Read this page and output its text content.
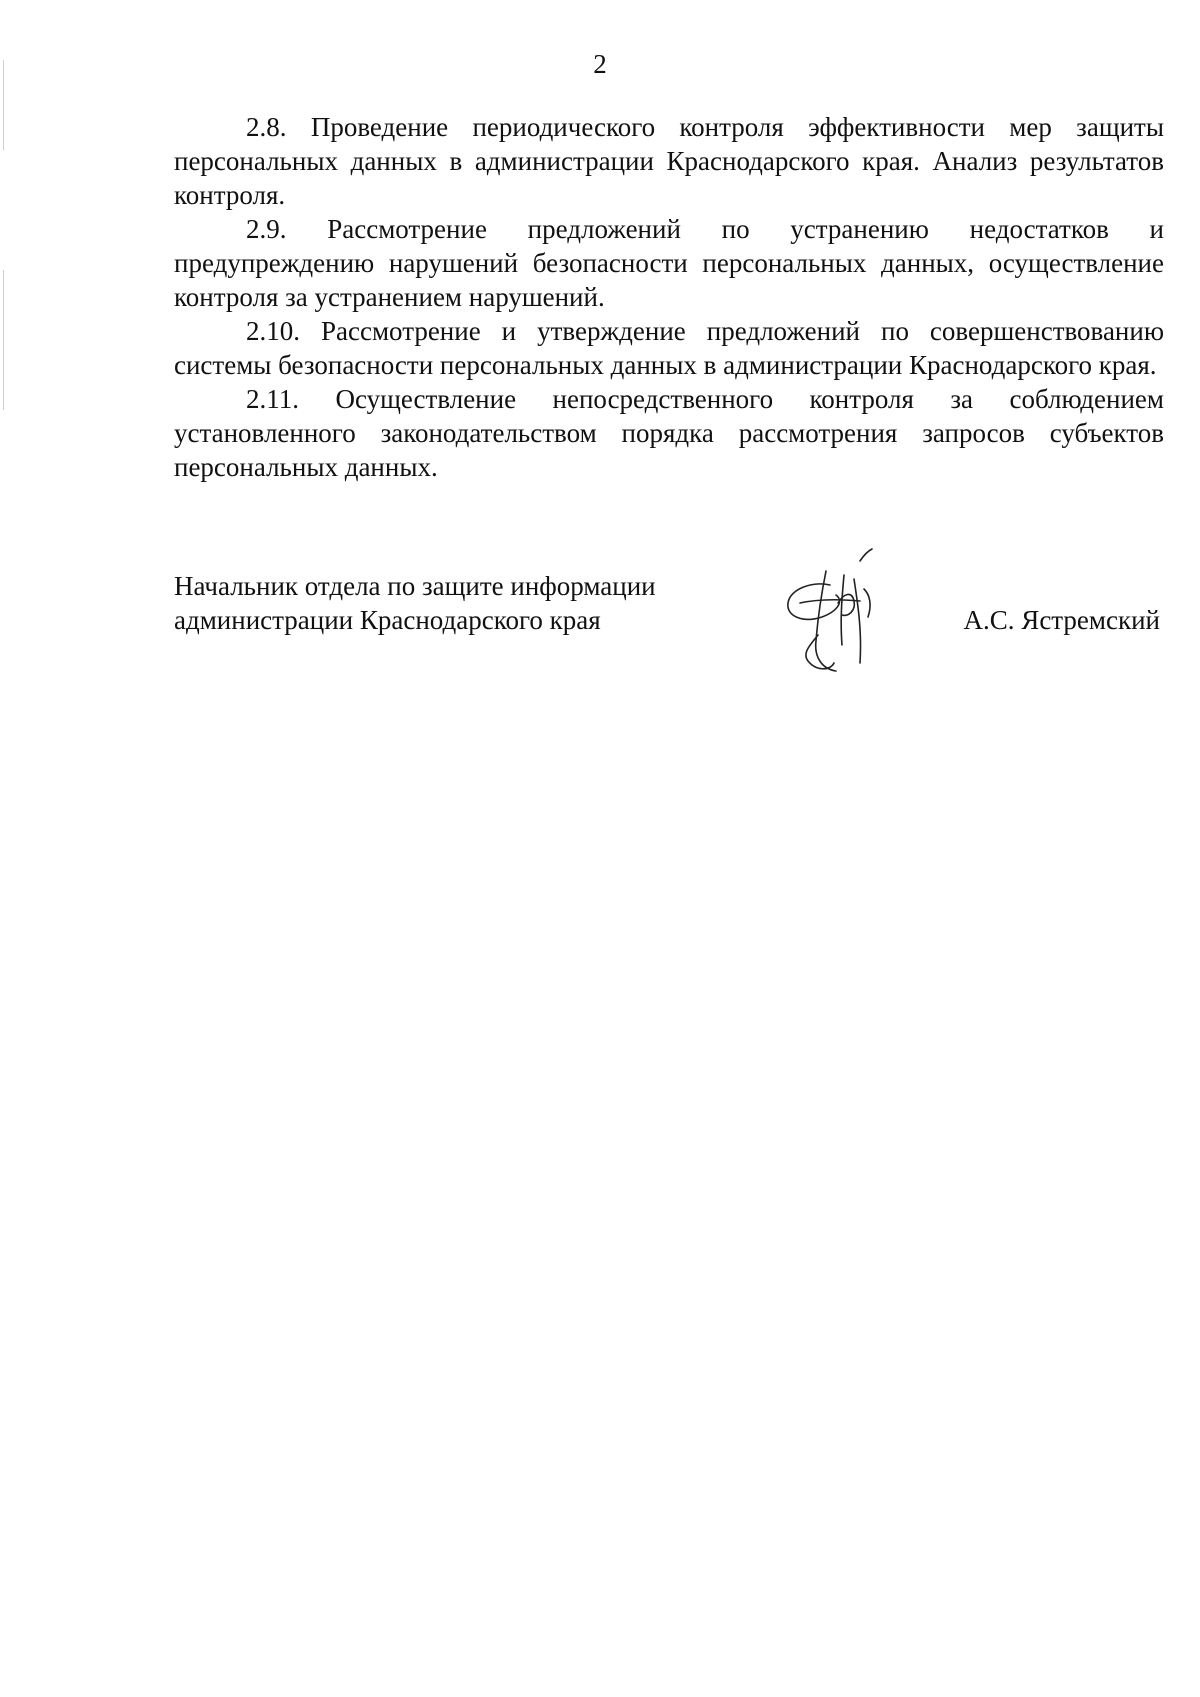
2

2.8. Проведение периодического контроля эффективности мер защиты персональных данных в администрации Краснодарского края. Анализ результатов контроля.

2.9. Рассмотрение предложений по устранению недостатков и предупреждению нарушений безопасности персональных данных, осуществление контроля за устранением нарушений.

2.10. Рассмотрение и утверждение предложений по совершенствованию системы безопасности персональных данных в администрации Краснодарского края.

2.11. Осуществление непосредственного контроля за соблюдением установленного законодательством порядка рассмотрения запросов субъектов персональных данных.

Начальник отдела по защите информации
администрации Краснодарского края	А.С. Ястремский
